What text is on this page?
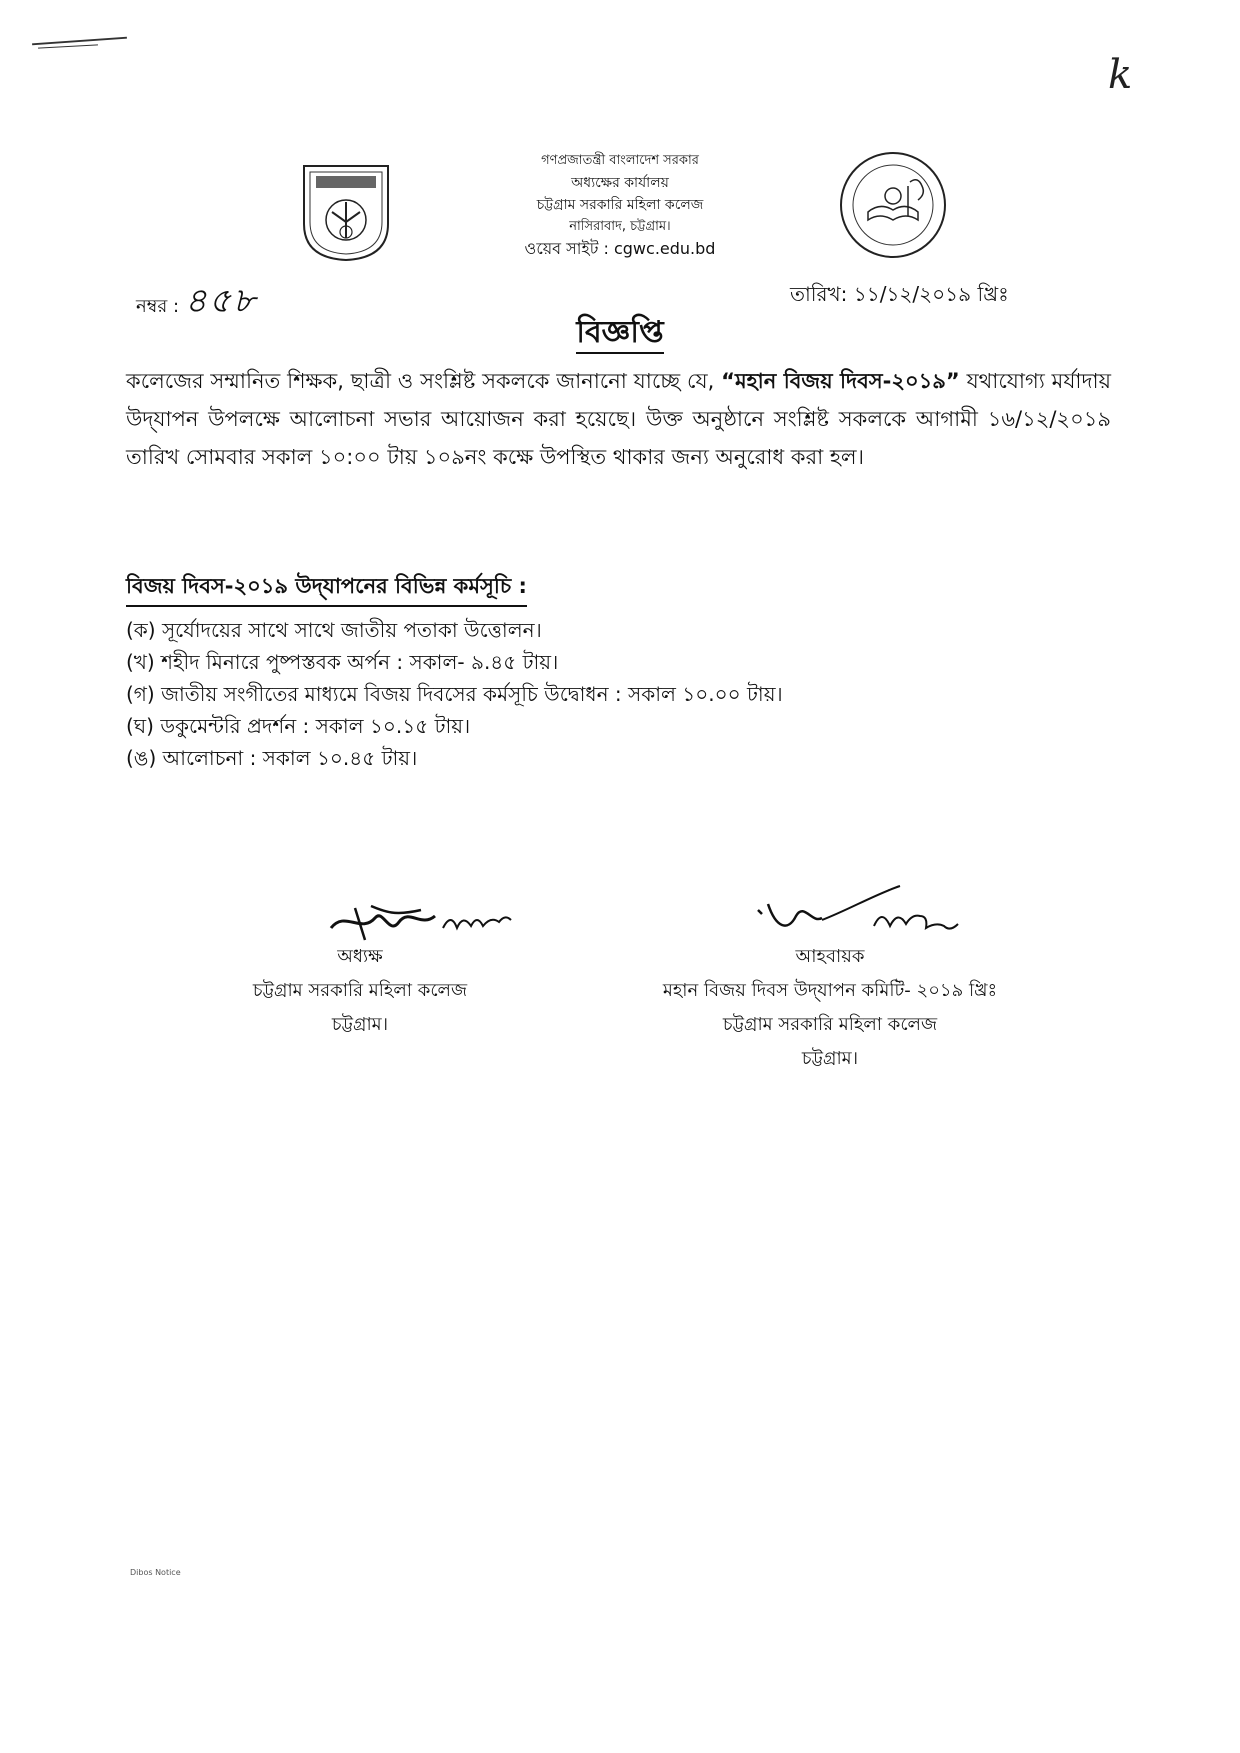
k
গণপ্রজাতন্ত্রী বাংলাদেশ সরকার
অধ্যক্ষের কার্যালয়
চট্টগ্রাম সরকারি মহিলা কলেজ
নাসিরাবাদ, চট্টগ্রাম।
ওয়েব সাইট : cgwc.edu.bd
নম্বর : ৪৫৮	তারিখ: ১১/১২/২০১৯ খ্রিঃ
বিজ্ঞপ্তি
কলেজের সম্মানিত শিক্ষক, ছাত্রী ও সংশ্লিষ্ট সকলকে জানানো যাচ্ছে যে, “মহান বিজয় দিবস-২০১৯” যথাযোগ্য মর্যাদায় উদ্‌যাপন উপলক্ষে আলোচনা সভার আয়োজন করা হয়েছে। উক্ত অনুষ্ঠানে সংশ্লিষ্ট সকলকে আগামী ১৬/১২/২০১৯ তারিখ সোমবার সকাল ১০:০০ টায় ১০৯নং কক্ষে উপস্থিত থাকার জন্য অনুরোধ করা হল।
বিজয় দিবস-২০১৯ উদ্‌যাপনের বিভিন্ন কর্মসূচি :
(ক) সূর্যোদয়ের সাথে সাথে জাতীয় পতাকা উত্তোলন।
(খ) শহীদ মিনারে পুষ্পস্তবক অর্পন : সকাল- ৯.৪৫ টায়।
(গ) জাতীয় সংগীতের মাধ্যমে বিজয় দিবসের কর্মসূচি উদ্বোধন : সকাল ১০.০০ টায়।
(ঘ) ডকুমেন্টরি প্রদর্শন : সকাল ১০.১৫ টায়।
(ঙ) আলোচনা : সকাল ১০.৪৫ টায়।
অধ্যক্ষ
চট্টগ্রাম সরকারি মহিলা কলেজ
চট্টগ্রাম।
আহবায়ক
মহান বিজয় দিবস উদ্‌যাপন কমিটি- ২০১৯ খ্রিঃ
চট্টগ্রাম সরকারি মহিলা কলেজ
চট্টগ্রাম।
Dibos Notice
